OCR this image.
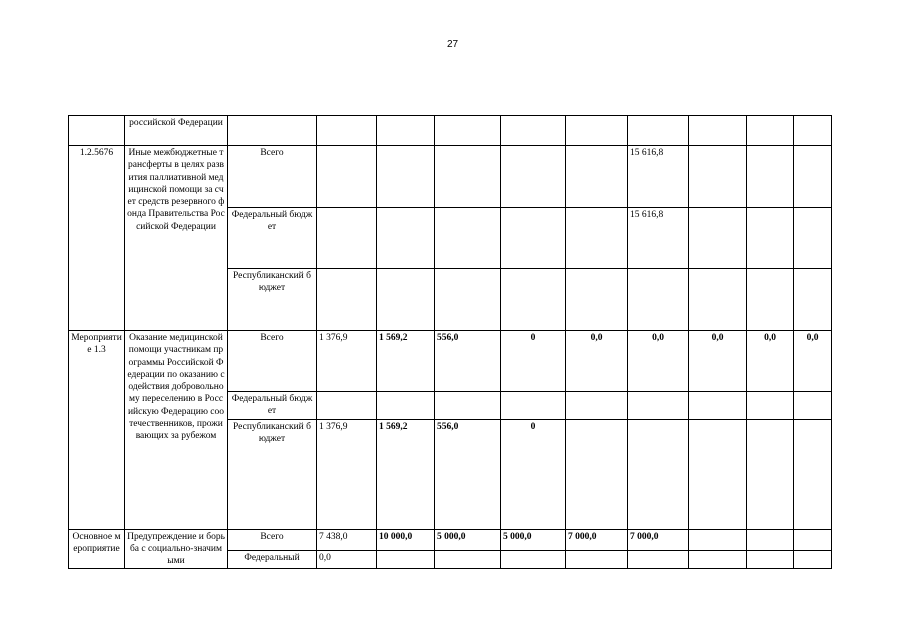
27
	российской Федерации										
1.2.5676	Иные межбюджетные трансферты в целях развития паллиативной медицинской помощи за счет средств резервного фонда Правительства Российской Федерации	Всего						15 616,8			
		Федеральный бюджет						15 616,8			
		Республиканский бюджет									
Мероприятие 1.3	Оказание медицинской помощи участникам программы Российской Федерации по оказанию содействия добровольному переселению в Российскую Федерацию соотечественников, проживающих за рубежом	Всего	1 376,9	1 569,2	556,0	0	0,0	0,0	0,0	0,0	0,0
		Федеральный бюджет									
		Республиканский бюджет	1 376,9	1 569,2	556,0	0					
Основное мероприятие	Предупреждение и борьба с социально-значимыми	Всего	7 438,0	10 000,0	5 000,0	5 000,0	7 000,0	7 000,0			
		Федеральный	0,0								
